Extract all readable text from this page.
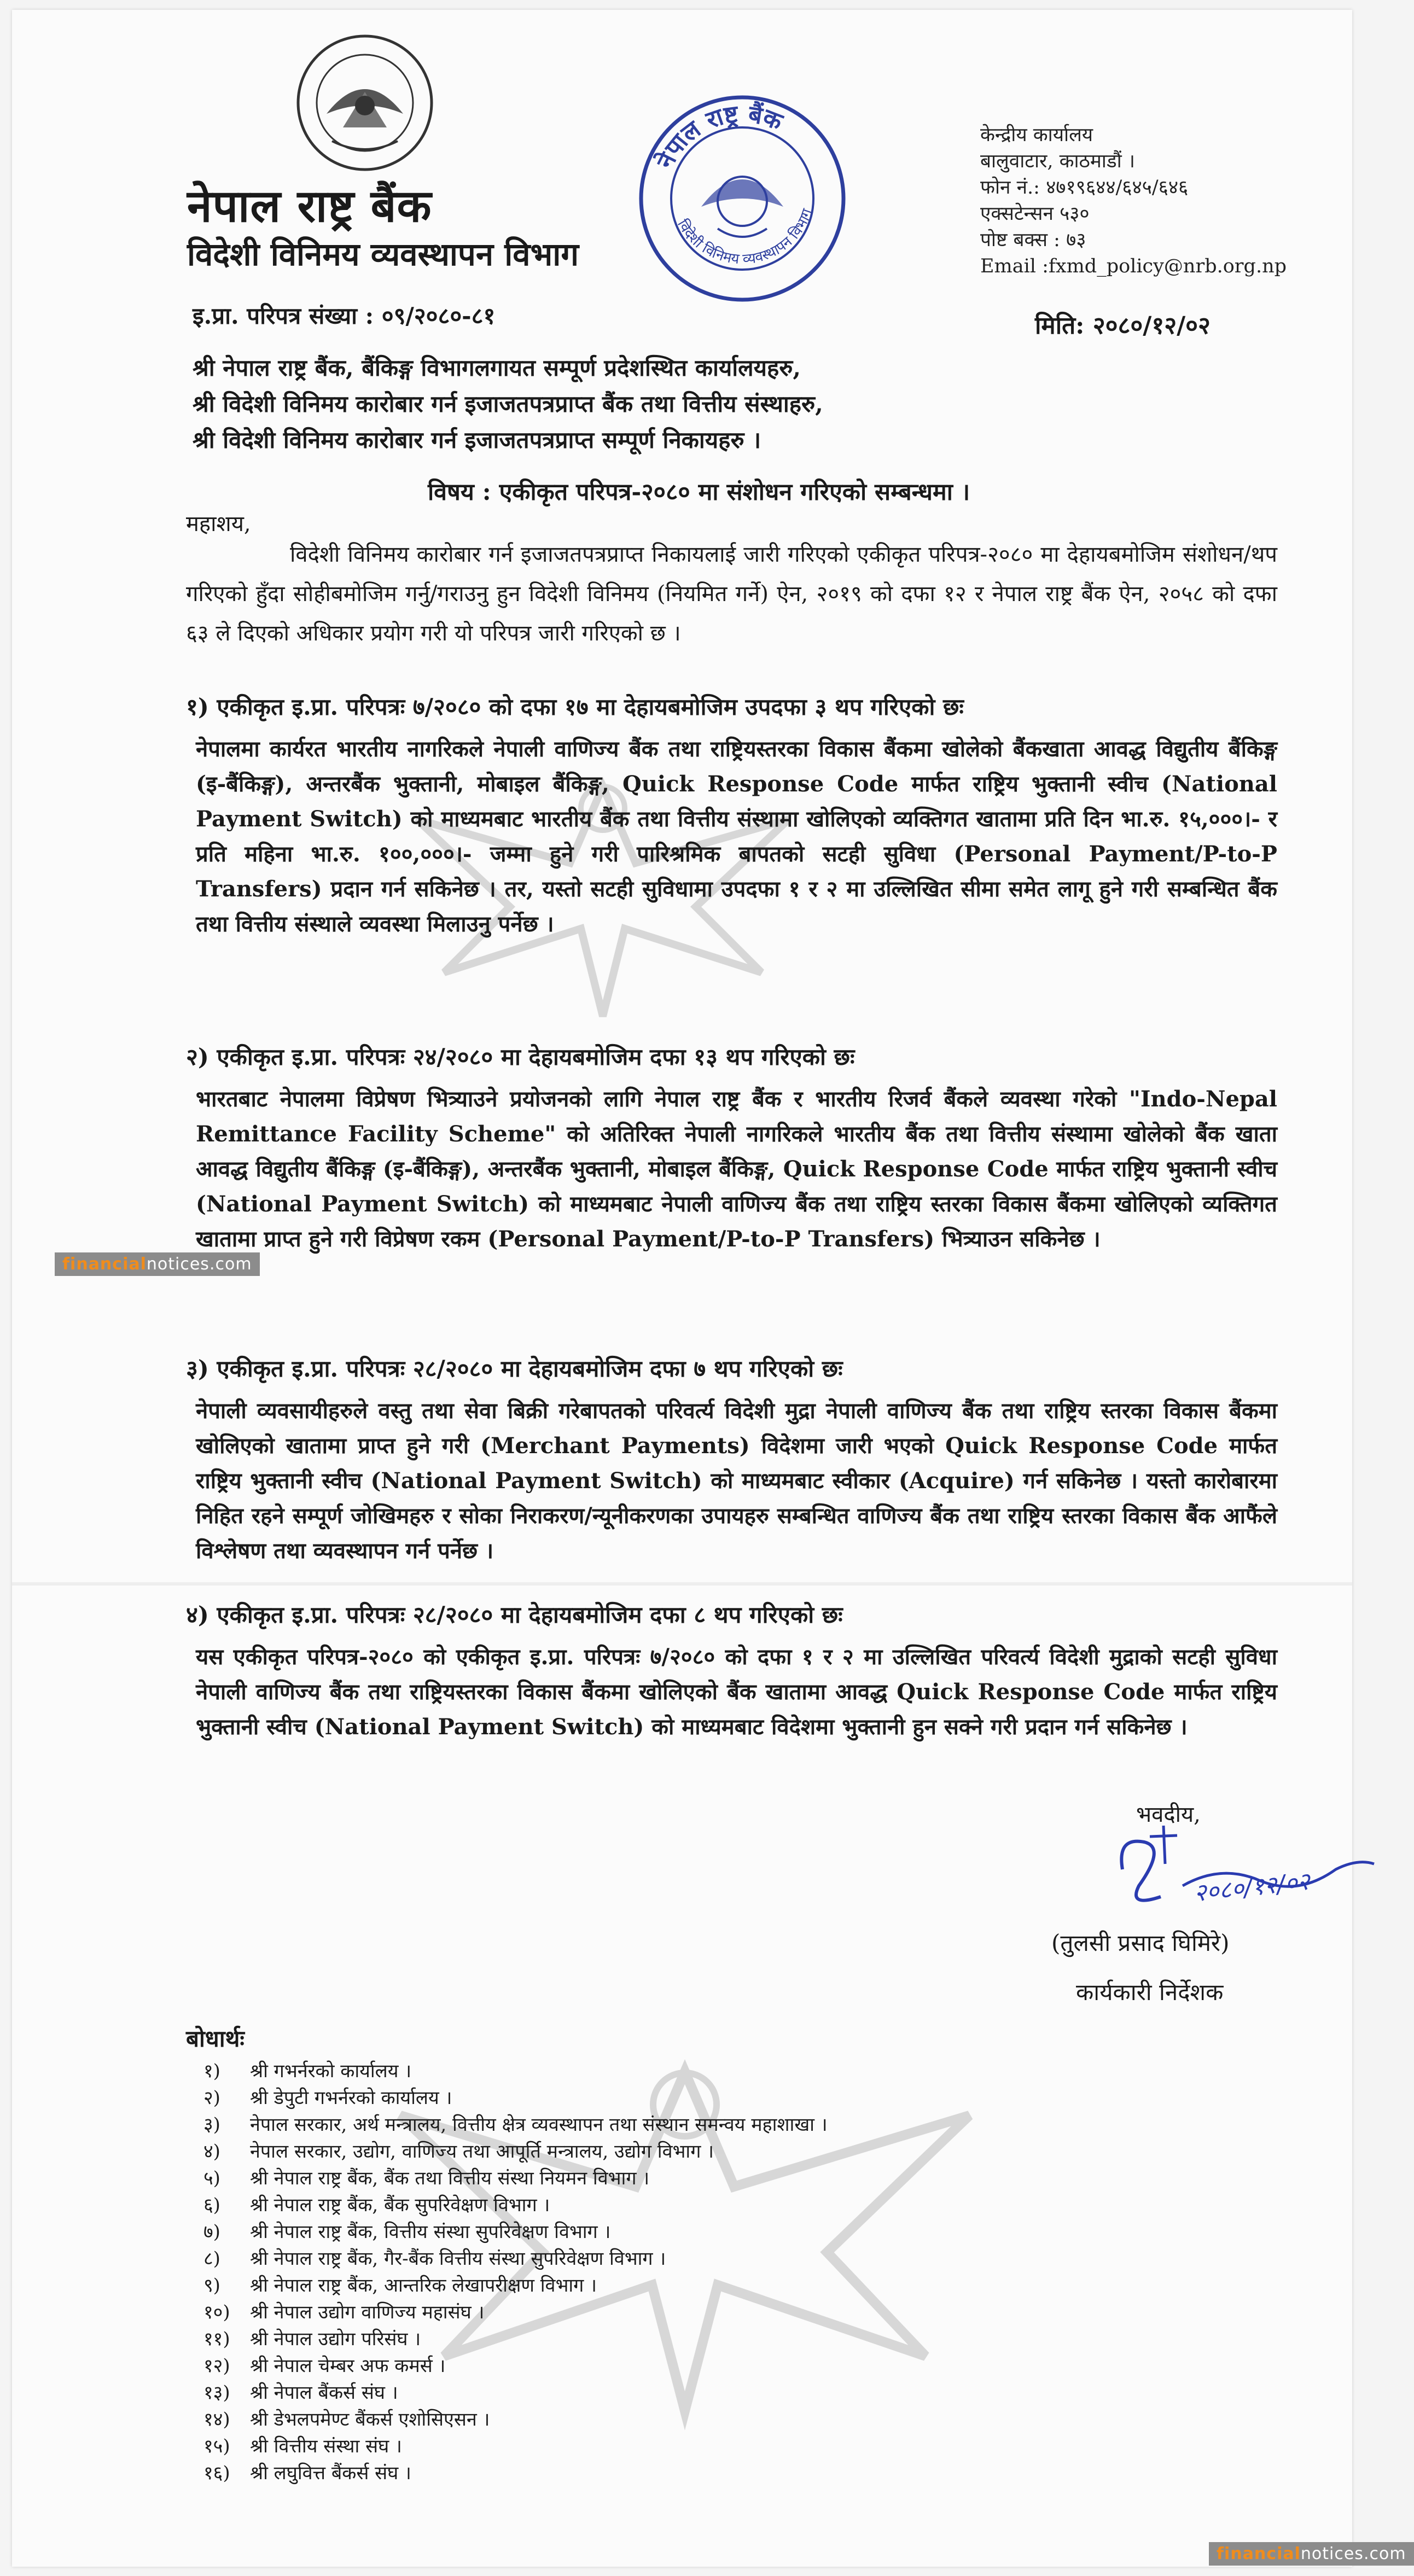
नेपाल राष्ट्र बैंक
विदेशी विनिमय व्यवस्थापन विभाग
नेपाल राष्ट्र बैंक
विदेशी विनिमय व्यवस्थापन विभाग
केन्द्रीय कार्यालय
बालुवाटार, काठमाडौं ।
फोन नं.: ४७१९६४४/६४५/६४६
एक्सटेन्सन ५३०
पोष्ट बक्स : ७३
Email :fxmd_policy@nrb.org.np
इ.प्रा. परिपत्र संख्या : ०९/२०८०-८१	मिति: २०८०/१२/०२
श्री नेपाल राष्ट्र बैंक, बैंकिङ्ग विभागलगायत सम्पूर्ण प्रदेशस्थित कार्यालयहरु,
श्री विदेशी विनिमय कारोबार गर्न इजाजतपत्रप्राप्त बैंक तथा वित्तीय संस्थाहरु,
श्री विदेशी विनिमय कारोबार गर्न इजाजतपत्रप्राप्त सम्पूर्ण निकायहरु ।
विषय : एकीकृत परिपत्र-२०८० मा संशोधन गरिएको सम्बन्धमा ।
महाशय,
विदेशी विनिमय कारोबार गर्न इजाजतपत्रप्राप्त निकायलाई जारी गरिएको एकीकृत परिपत्र-२०८० मा देहायबमोजिम संशोधन/थप गरिएको हुँदा सोहीबमोजिम गर्नु/गराउनु हुन विदेशी विनिमय (नियमित गर्ने) ऐन, २०१९ को दफा १२ र नेपाल राष्ट्र बैंक ऐन, २०५८ को दफा ६३ ले दिएको अधिकार प्रयोग गरी यो परिपत्र जारी गरिएको छ ।
१) एकीकृत इ.प्रा. परिपत्रः ७/२०८० को दफा १७ मा देहायबमोजिम उपदफा ३ थप गरिएको छः
नेपालमा कार्यरत भारतीय नागरिकले नेपाली वाणिज्य बैंक तथा राष्ट्रियस्तरका विकास बैंकमा खोलेको बैंकखाता आवद्ध विद्युतीय बैंकिङ्ग (इ-बैंकिङ्ग), अन्तरबैंक भुक्तानी, मोबाइल बैंकिङ्ग, Quick Response Code मार्फत राष्ट्रिय भुक्तानी स्वीच (National Payment Switch) को माध्यमबाट भारतीय बैंक तथा वित्तीय संस्थामा खोलिएको व्यक्तिगत खातामा प्रति दिन भा.रु. १५,०००।- र प्रति महिना भा.रु. १००,०००।- जम्मा हुने गरी पारिश्रमिक बापतको सटही सुविधा (Personal Payment/P-to-P Transfers) प्रदान गर्न सकिनेछ । तर, यस्तो सटही सुविधामा उपदफा १ र २ मा उल्लिखित सीमा समेत लागू हुने गरी सम्बन्धित बैंक तथा वित्तीय संस्थाले व्यवस्था मिलाउनु पर्नेछ ।
२) एकीकृत इ.प्रा. परिपत्रः २४/२०८० मा देहायबमोजिम दफा १३ थप गरिएको छः
भारतबाट नेपालमा विप्रेषण भित्र्याउने प्रयोजनको लागि नेपाल राष्ट्र बैंक र भारतीय रिजर्व बैंकले व्यवस्था गरेको "Indo-Nepal Remittance Facility Scheme" को अतिरिक्त नेपाली नागरिकले भारतीय बैंक तथा वित्तीय संस्थामा खोलेको बैंक खाता आवद्ध विद्युतीय बैंकिङ्ग (इ-बैंकिङ्ग), अन्तरबैंक भुक्तानी, मोबाइल बैंकिङ्ग, Quick Response Code मार्फत राष्ट्रिय भुक्तानी स्वीच (National Payment Switch) को माध्यमबाट नेपाली वाणिज्य बैंक तथा राष्ट्रिय स्तरका विकास बैंकमा खोलिएको व्यक्तिगत खातामा प्राप्त हुने गरी विप्रेषण रकम (Personal Payment/P-to-P Transfers) भित्र्याउन सकिनेछ ।
३) एकीकृत इ.प्रा. परिपत्रः २८/२०८० मा देहायबमोजिम दफा ७ थप गरिएको छः
नेपाली व्यवसायीहरुले वस्तु तथा सेवा बिक्री गरेबापतको परिवर्त्य विदेशी मुद्रा नेपाली वाणिज्य बैंक तथा राष्ट्रिय स्तरका विकास बैंकमा खोलिएको खातामा प्राप्त हुने गरी (Merchant Payments) विदेशमा जारी भएको Quick Response Code मार्फत राष्ट्रिय भुक्तानी स्वीच (National Payment Switch) को माध्यमबाट स्वीकार (Acquire) गर्न सकिनेछ । यस्तो कारोबारमा निहित रहने सम्पूर्ण जोखिमहरु र सोका निराकरण/न्यूनीकरणका उपायहरु सम्बन्धित वाणिज्य बैंक तथा राष्ट्रिय स्तरका विकास बैंक आफैंले विश्लेषण तथा व्यवस्थापन गर्न पर्नेछ ।
४) एकीकृत इ.प्रा. परिपत्रः २८/२०८० मा देहायबमोजिम दफा ८ थप गरिएको छः
यस एकीकृत परिपत्र-२०८० को एकीकृत इ.प्रा. परिपत्रः ७/२०८० को दफा १ र २ मा उल्लिखित परिवर्त्य विदेशी मुद्राको सटही सुविधा नेपाली वाणिज्य बैंक तथा राष्ट्रियस्तरका विकास बैंकमा खोलिएको बैंक खातामा आवद्ध Quick Response Code मार्फत राष्ट्रिय भुक्तानी स्वीच (National Payment Switch) को माध्यमबाट विदेशमा भुक्तानी हुन सक्ने गरी प्रदान गर्न सकिनेछ ।
भवदीय,
२०८०/१२/०२
(तुलसी प्रसाद घिमिरे)
कार्यकारी निर्देशक
बोधार्थः
१) श्री गभर्नरको कार्यालय ।
२) श्री डेपुटी गभर्नरको कार्यालय ।
३) नेपाल सरकार, अर्थ मन्त्रालय, वित्तीय क्षेत्र व्यवस्थापन तथा संस्थान समन्वय महाशाखा ।
४) नेपाल सरकार, उद्योग, वाणिज्य तथा आपूर्ति मन्त्रालय, उद्योग विभाग ।
५) श्री नेपाल राष्ट्र बैंक, बैंक तथा वित्तीय संस्था नियमन विभाग ।
६) श्री नेपाल राष्ट्र बैंक, बैंक सुपरिवेक्षण विभाग ।
७) श्री नेपाल राष्ट्र बैंक, वित्तीय संस्था सुपरिवेक्षण विभाग ।
८) श्री नेपाल राष्ट्र बैंक, गैर-बैंक वित्तीय संस्था सुपरिवेक्षण विभाग ।
९) श्री नेपाल राष्ट्र बैंक, आन्तरिक लेखापरीक्षण विभाग ।
१०) श्री नेपाल उद्योग वाणिज्य महासंघ ।
११) श्री नेपाल उद्योग परिसंघ ।
१२) श्री नेपाल चेम्बर अफ कमर्स ।
१३) श्री नेपाल बैंकर्स संघ ।
१४) श्री डेभलपमेण्ट बैंकर्स एशोसिएसन ।
१५) श्री वित्तीय संस्था संघ ।
१६) श्री लघुवित्त बैंकर्स संघ ।
financialnotices.com
financialnotices.com
